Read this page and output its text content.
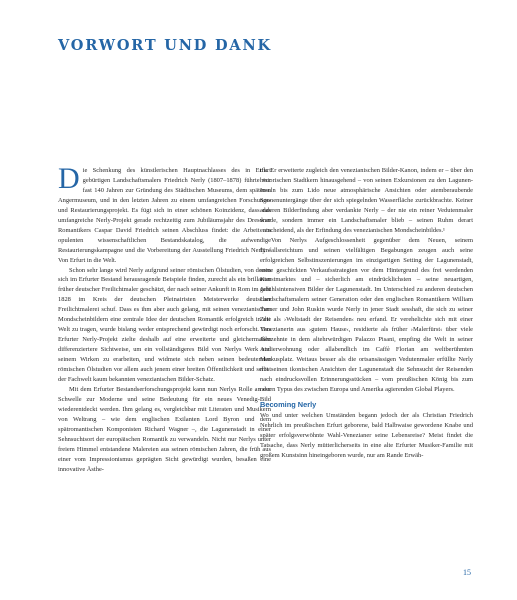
VORWORT UND DANK

Die Schenkung des künstlerischen Hauptnachlasses des in Erfurt gebürtigen Landschaftsmalers Friedrich Nerly (1807–1878) führte vor fast 140 Jahren zur Gründung des Städtischen Museums, dem späteren Angermuseum, und in den letzten Jahren zu einem umfangreichen Forschungs- und Restaurierungsprojekt. Es fügt sich in einer schönen Koinzidenz, dass das umfangreiche Nerly-Projekt gerade rechtzeitig zum Jubiläumsjahr des Dresdner Romantikers Caspar David Friedrich seinen Abschluss findet: die Arbeit am opulenten wissenschaftlichen Bestandskatalog, die aufwendige Restaurierungskampagne und die Vorbereitung der Ausstellung Friedrich Nerly – Von Erfurt in die Welt.

Schon sehr lange wird Nerly aufgrund seiner römischen Ölstudien, von denen sich im Erfurter Bestand herausragende Beispiele finden, zurecht als ein brillanter früher deutscher Freilichtmaler geschätzt, der nach seiner Ankunft in Rom im Jahr 1828 im Kreis der deutschen Pleinairisten Meisterwerke deutscher Freilichtmalerei schuf. Dass es ihm aber auch gelang, mit seinen venezianischen Mondscheinbildern eine zentrale Idee der deutschen Romantik erfolgreich in die Welt zu tragen, wurde bislang weder entsprechend gewürdigt noch erforscht. Das Erfurter Nerly-Projekt zielte deshalb auf eine erweiterte und gleichermaßen differenziertere Sichtweise, um ein vollständigeres Bild von Nerlys Werk und seinem Wirken zu erarbeiten, und widmete sich neben seinen bedeutenden römischen Ölstudien vor allem auch jenem einer breiten Öffentlichkeit und selbst der Fachwelt kaum bekannten venezianischen Bilder-Schatz.

Mit dem Erfurter Bestandserforschungsprojekt kann nun Nerlys Rolle an der Schwelle zur Moderne und seine Bedeutung für ein neues Venedig-Bild wiederentdeckt werden. Ihm gelang es, vergleichbar mit Literaten und Musikern von Weltrang – wie dem englischen Exilanten Lord Byron und dem spätromantischen Komponisten Richard Wagner –, die Lagunenstadt in einer Sehnsuchtsort der europäischen Romantik zu verwandeln. Nicht nur Nerlys unter freiem Himmel entstandene Malereien aus seinen römischen Jahren, die früh aus einer vom Impressionismus geprägten Sicht gewürdigt wurden, besaßen eine innovative Ästhe-

tik. Er erweiterte zugleich den venezianischen Bilder-Kanon, indem er – über den historischen Stadtkern hinausgehend – von seinen Exkursionen zu den Lagunen-Inseln bis zum Lido neue atmosphärische Ansichten oder atemberaubende Sonnenuntergänge über der sich spiegelnden Wasserfläche zurückbrachte. Keiner anderen Bilderfindung aber verdankte Nerly – der nie ein reiner Vedutenmaler wurde, sondern immer ein Landschaftsmaler blieb – seinen Ruhm derart entscheidend, als der Erfindung des venezianischen Mondscheinbildes.¹

Von Nerlys Aufgeschlossenheit gegenüber dem Neuen, seinem Einfallsreichtum und seinen vielfältigen Begabungen zeugen auch seine erfolgreichen Selbstinszenierungen im einzigartigen Setting der Lagunenstadt, seine geschickten Verkaufsstrategien vor dem Hintergrund des frei werdenden Kunstmarktes und – sicherlich am eindrücklichsten – seine neuartigen, gefühlsintensiven Bilder der Lagunenstadt. Im Unterschied zu anderen deutschen Landschaftsmalern seiner Generation oder den englischen Romantikern William Turner und John Ruskin wurde Nerly in jener Stadt sesshaft, die sich zu seiner Zeit als ›Weltstadt der Reisenden‹ neu erfand. Er verehelichte sich mit einer Venezianerin aus ›gutem Hause‹, residierte als früher ›Malerfürst‹ über viele Jahrzehnte in dem altehrwürdigen Palazzo Pisani, empfing die Welt in seiner Atelierwohnung oder allabendlich im Caffè Florian am weltberühmten Markusplatz. Weitaus besser als die ortsansässigen Vedutenmaler erfüllte Nerly mit seinen ikonischen Ansichten der Lagunenstadt die Sehnsucht der Reisenden nach eindrucksvollen Erinnerungsstücken – vom preußischen König bis zum neuen Typus des zwischen Europa und Amerika agierenden Global Players.

Becoming Nerly

Wo und unter welchen Umständen begann jedoch der als Christian Friedrich Nehrlich im preußischen Erfurt geborene, bald Halbwaise gewordene Knabe und später erfolgsverwöhnte Wahl-Venezianer seine Lebensreise? Meist findet die Tatsache, dass Nerly mütterlicherseits in eine alte Erfurter Musiker-Familie mit großem Kunstsinn hineingeboren wurde, nur am Rande Erwäh-

15
